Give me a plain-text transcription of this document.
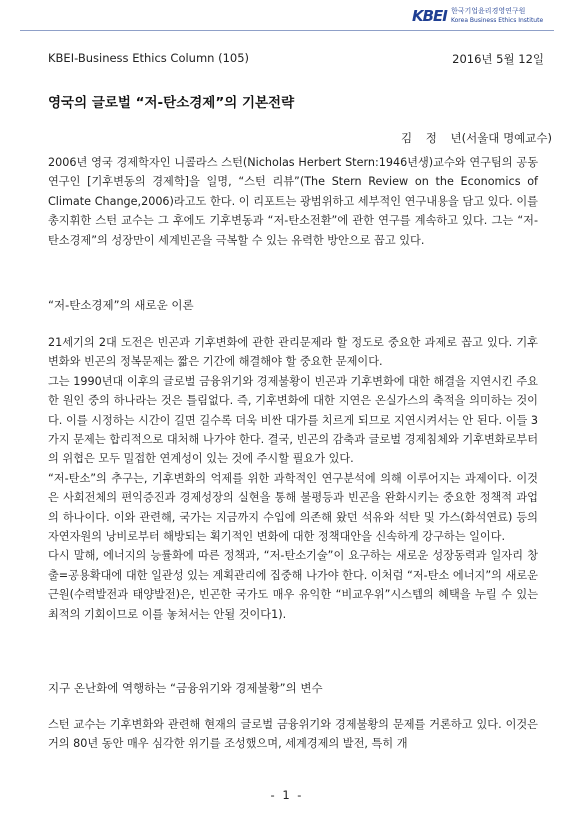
KBEI 한국기업윤리경영연구원
Korea Business Ethics Institute
KBEI-Business Ethics Column (105)	2016년 5월 12일
영국의 글로벌 “저-탄소경제”의 기본전략
김 정 년(서울대 명예교수)

2006년 영국 경제학자인 니콜라스 스턴(Nicholas Herbert Stern:1946년생)교수와 연구팀의 공동연구인 [기후변동의 경제학]을 일명, “스턴 리뷰”(The Stern Review on the Economics of Climate Change,2006)라고도 한다. 이 리포트는 광범위하고 세부적인 연구내용을 담고 있다. 이를 총지휘한 스턴 교수는 그 후에도 기후변동과 “저-탄소전환”에 관한 연구를 계속하고 있다. 그는 “저-탄소경제”의 성장만이 세계빈곤을 극복할 수 있는 유력한 방안으로 꼽고 있다.

“저-탄소경제”의 새로운 이론

21세기의 2대 도전은 빈곤과 기후변화에 관한 관리문제라 할 정도로 중요한 과제로 꼽고 있다. 기후변화와 빈곤의 정복문제는 짧은 기간에 해결해야 할 중요한 문제이다.

그는 1990년대 이후의 글로벌 금융위기와 경제불황이 빈곤과 기후변화에 대한 해결을 지연시킨 주요한 원인 중의 하나라는 것은 틀림없다. 즉, 기후변화에 대한 지연은 온실가스의 축적을 의미하는 것이다. 이를 시정하는 시간이 길면 길수록 더욱 비싼 대가를 치르게 되므로 지연시켜서는 안 된다. 이들 3가지 문제는 합리적으로 대처해 나가야 한다. 결국, 빈곤의 감축과 글로벌 경제침체와 기후변화로부터의 위협은 모두 밀접한 연계성이 있는 것에 주시할 필요가 있다.

“저-탄소”의 추구는, 기후변화의 억제를 위한 과학적인 연구분석에 의해 이루어지는 과제이다. 이것은 사회전체의 편익증진과 경제성장의 실현을 통해 불평등과 빈곤을 완화시키는 중요한 정책적 과업의 하나이다. 이와 관련해, 국가는 지금까지 수입에 의존해 왔던 석유와 석탄 및 가스(화석연료) 등의 자연자원의 낭비로부터 해방되는 획기적인 변화에 대한 정책대안을 신속하게 강구하는 일이다.

다시 말해, 에너지의 능률화에 따른 정책과, “저-탄소기술”이 요구하는 새로운 성장동력과 일자리 창출=공용확대에 대한 일관성 있는 계획관리에 집중해 나가야 한다. 이처럼 “저-탄소 에너지”의 새로운 근원(수력발전과 태양발전)은, 빈곤한 국가도 매우 유익한 “비교우위”시스템의 혜택을 누릴 수 있는 최적의 기회이므로 이를 놓쳐서는 안될 것이다1).

지구 온난화에 역행하는 “금융위기와 경제불황”의 변수

스턴 교수는 기후변화와 관련해 현재의 글로벌 금융위기와 경제불황의 문제를 거론하고 있다. 이것은 거의 80년 동안 매우 심각한 위기를 조성했으며, 세계경제의 발전, 특히 개

- 1 -
